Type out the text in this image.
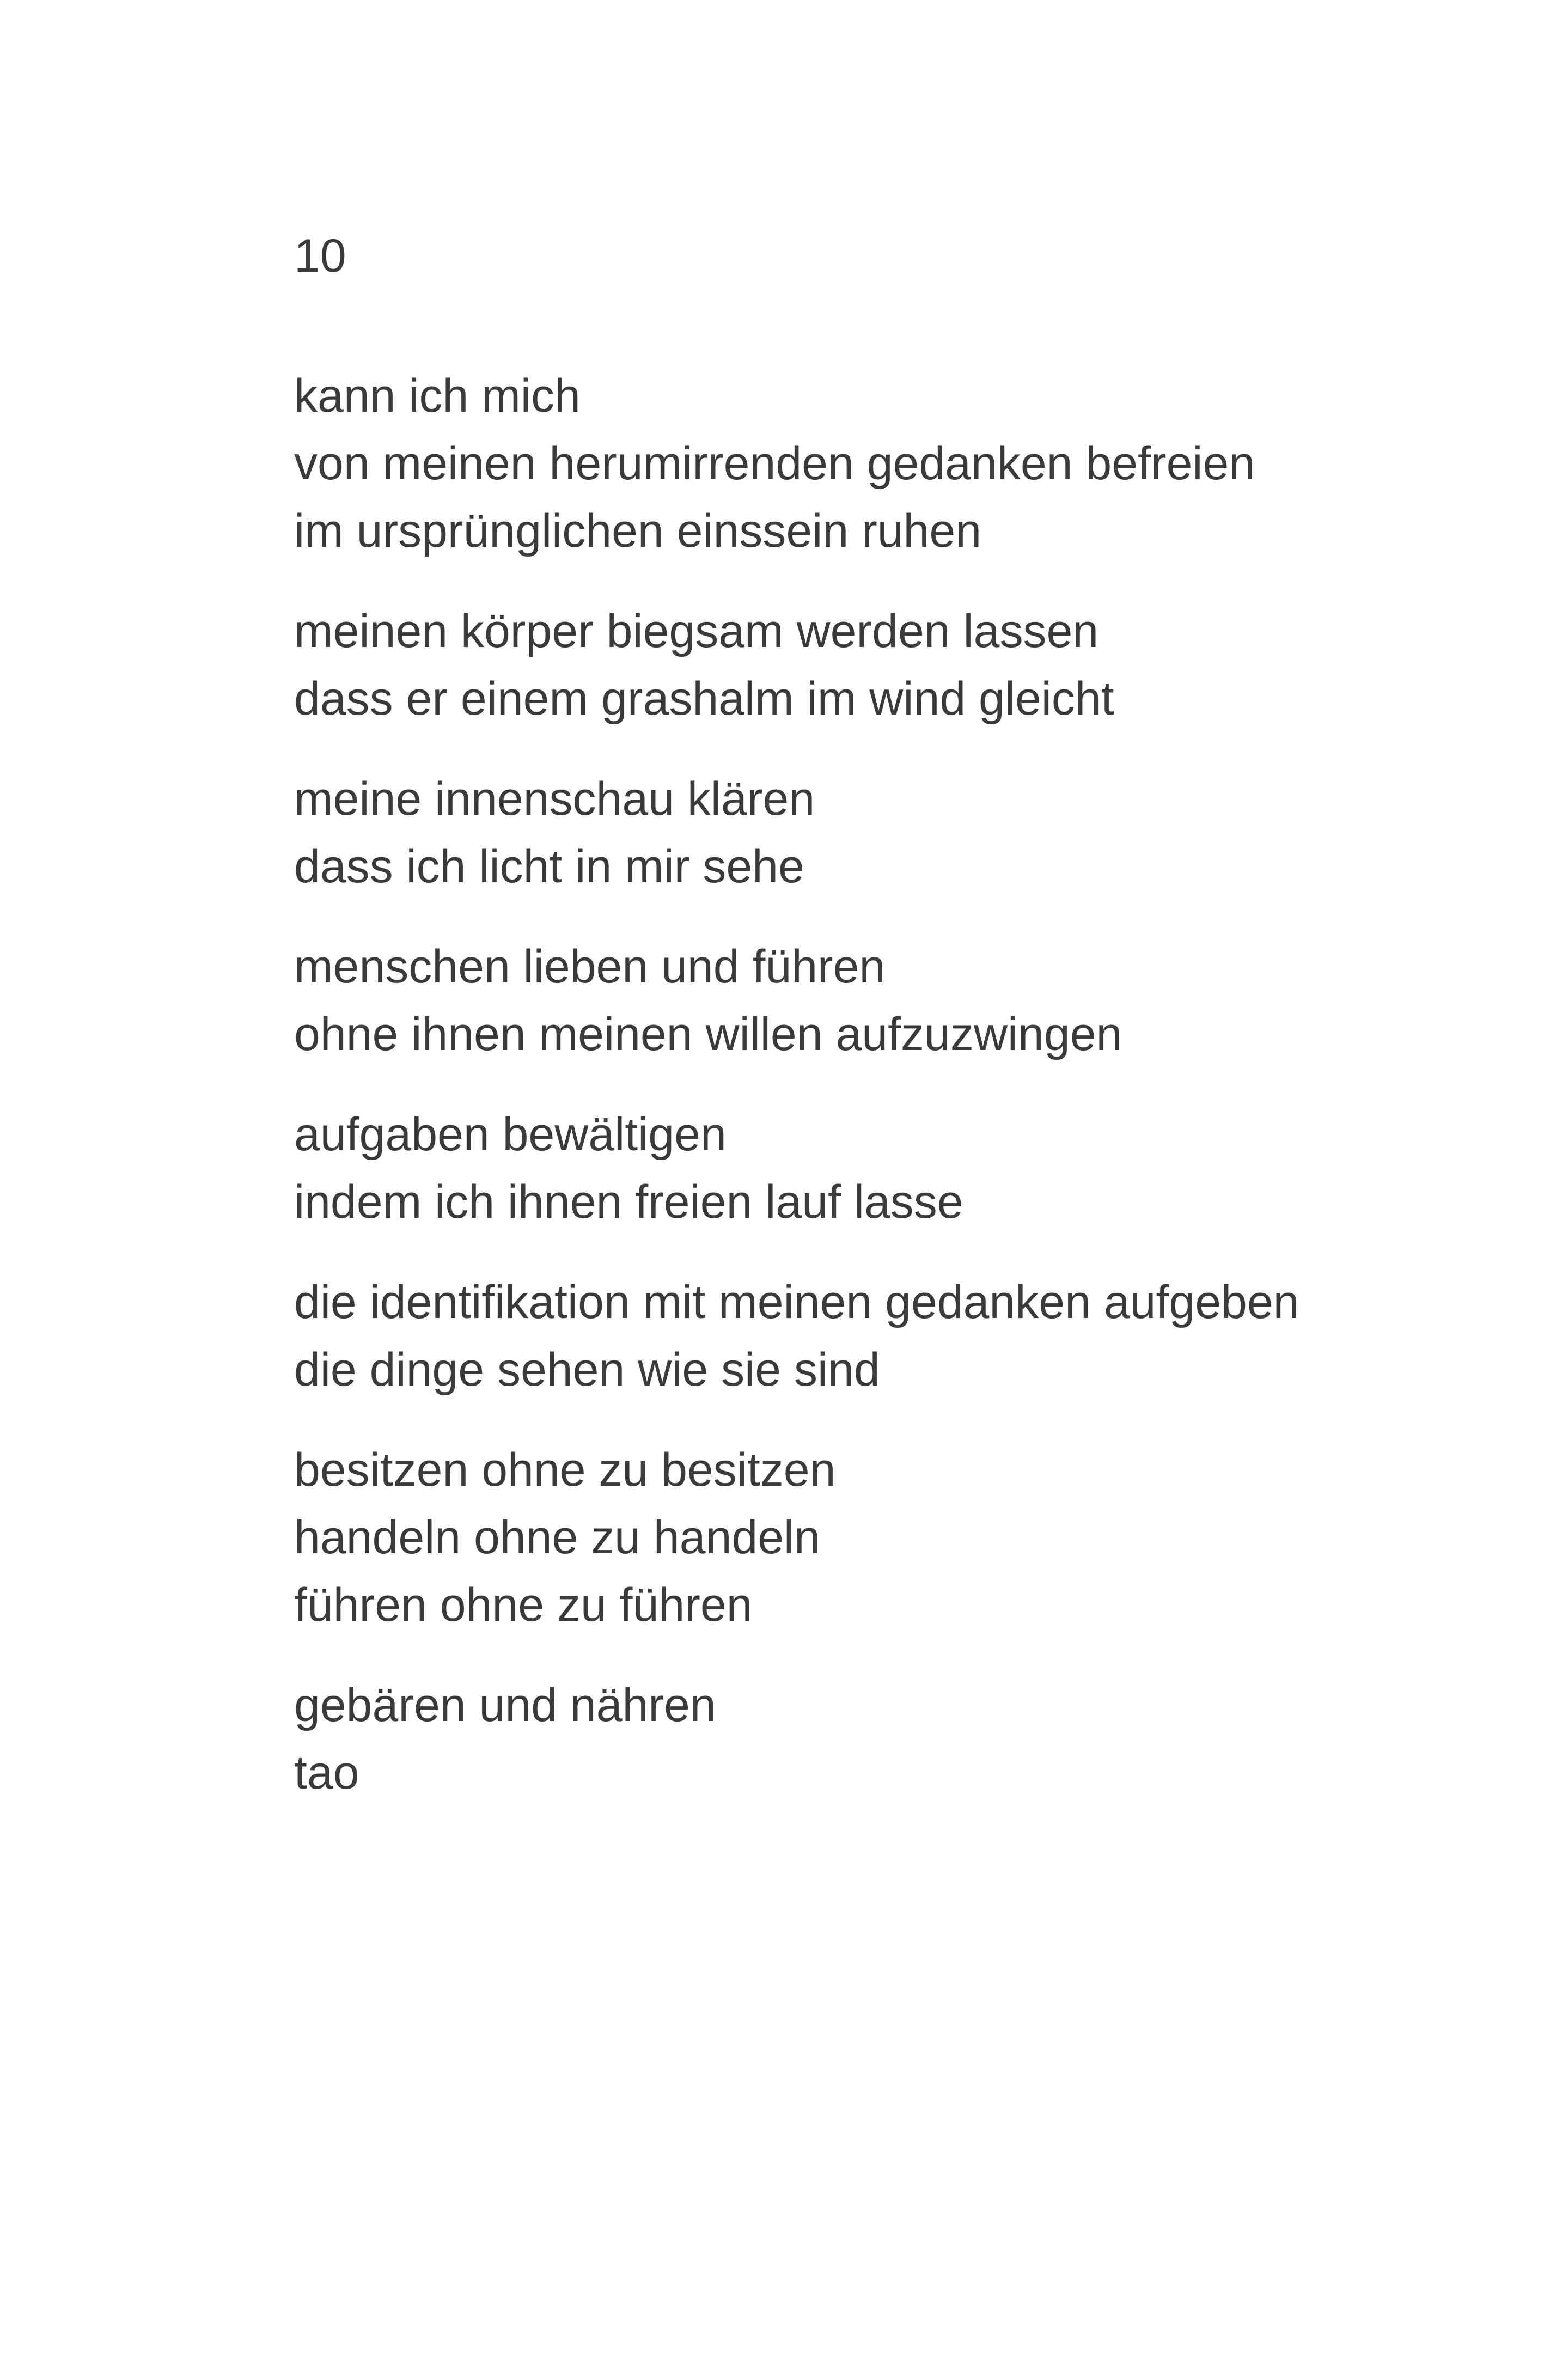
10
kann ich mich
von meinen herumirrenden gedanken befreien
im ursprünglichen einssein ruhen
meinen körper biegsam werden lassen
dass er einem grashalm im wind gleicht
meine innenschau klären
dass ich licht in mir sehe
menschen lieben und führen
ohne ihnen meinen willen aufzuzwingen
aufgaben bewältigen
indem ich ihnen freien lauf lasse
die identifikation mit meinen gedanken aufgeben
die dinge sehen wie sie sind
besitzen ohne zu besitzen
handeln ohne zu handeln
führen ohne zu führen
gebären und nähren
tao
